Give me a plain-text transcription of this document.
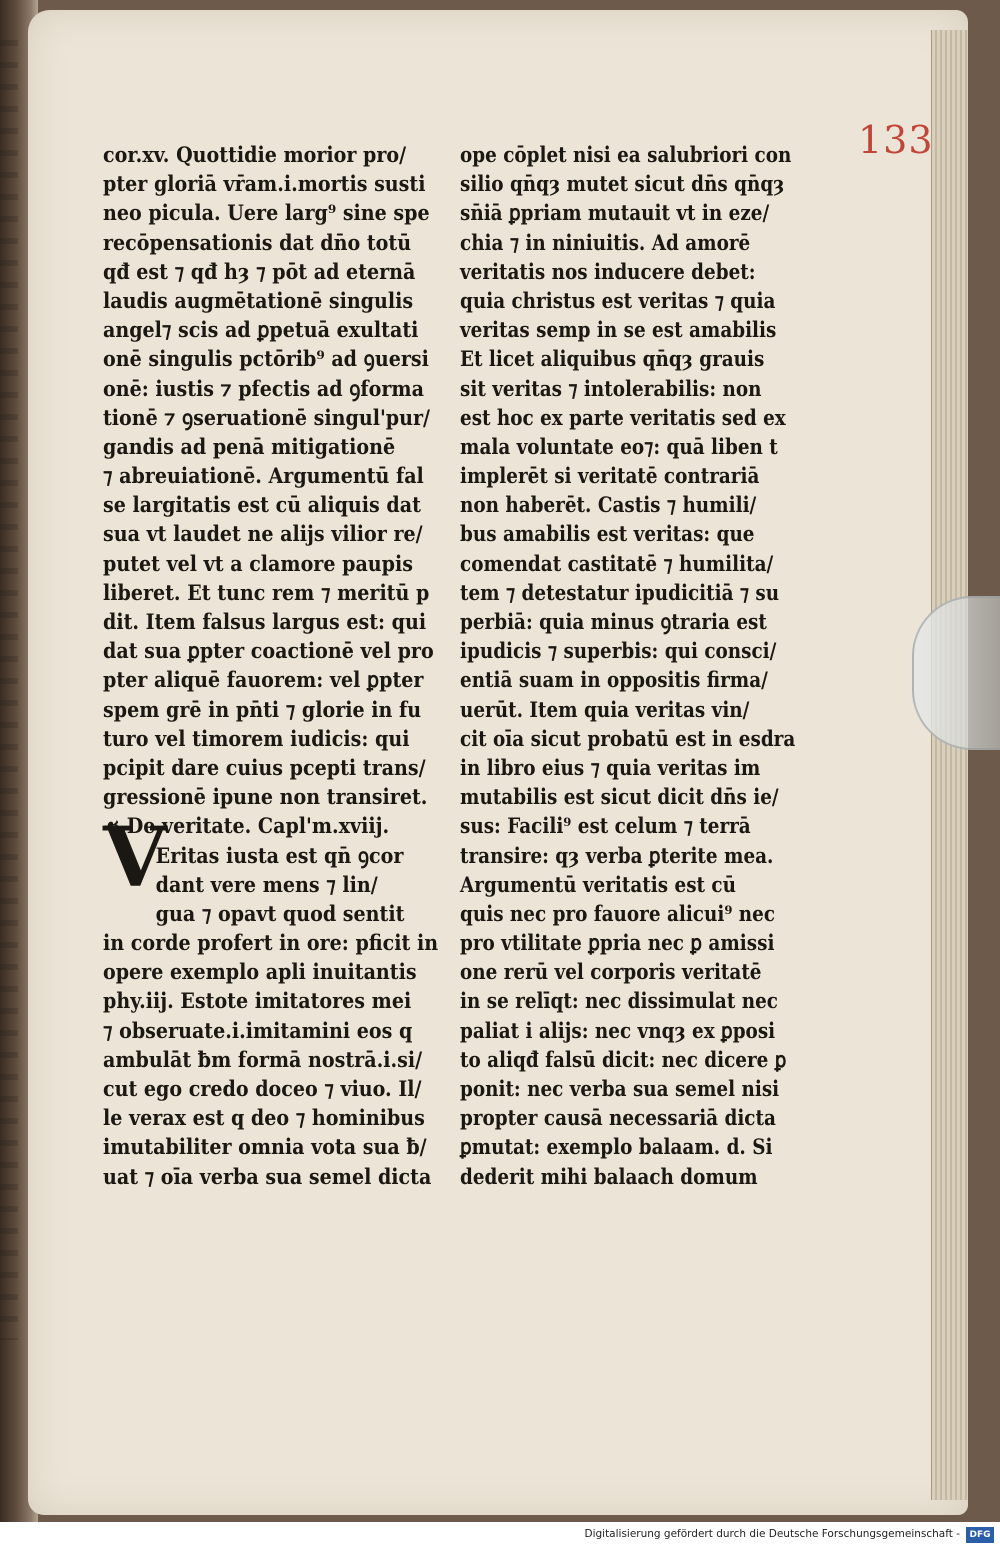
133
cor.xv. Quottidie morior pro/
pter gloriā vr̄am.i.mortis susti
neo picula. Uere larg⁹ sine spe
recōpensationis dat dn̄o totū
qđ est ⁊ qđ hȝ ⁊ pōt ad eternā
laudis augmētationē singulis
angel⁊ scis ad ꝑpetuā exultati
onē singulis pctōrib⁹ ad ꝯuersi
onē: iustis ⁊ pfectis ad ꝯforma
tionē ⁊ ꝯseruationē singul'pur/
gandis ad penā mitigationē
⁊ abreuiationē. Argumentū fal
se largitatis est cū aliquis dat
sua vt laudet ne alijs vilior re/
putet vel vt a clamore paupis
liberet. Et tunc rem ⁊ meritū p
dit. Item falsus largus est: qui
dat sua ꝑpter coactionē vel pro
pter aliquē fauorem: vel ꝑpter
spem grē in pn̄ti ⁊ glorie in fu
turo vel timorem iudicis: qui
pcipit dare cuius pcepti trans/
gressionē ipune non transiret.
☙ De veritate. Capl'm.xviij.
Eritas iusta est qn̄ ꝯcor
dant vere mens ⁊ lin/
gua ⁊ opavt quod sentit
in corde profert in ore: pficit in
opere exemplo apli inuitantis
phy.iij. Estote imitatores mei
⁊ obseruate.i.imitamini eos q
ambulāt ƀm formā nostrā.i.si/
cut ego credo doceo ⁊ viuo. Il/
le verax est q deo ⁊ hominibus
imutabiliter omnia vota sua ƀ/
uat ⁊ oīa verba sua semel dicta
V
ope cōplet nisi ea salubriori con
silio qn̄qȝ mutet sicut dn̄s qn̄qȝ
sn̄iā ꝑpriam mutauit vt in eze/
chia ⁊ in niniuitis. Ad amorē
veritatis nos inducere debet:
quia christus est veritas ⁊ quia
veritas semp in se est amabilis
Et licet aliquibus qn̄qȝ grauis
sit veritas ⁊ intolerabilis: non
est hoc ex parte veritatis sed ex
mala voluntate eo⁊: quā liben t
implerēt si veritatē contrariā
non haberēt. Castis ⁊ humili/
bus amabilis est veritas: que
comendat castitatē ⁊ humilita/
tem ⁊ detestatur ipudicitiā ⁊ su
perbiā: quia minus ꝯtraria est
ipudicis ⁊ superbis: qui consci/
entiā suam in oppositis firma/
uerūt. Item quia veritas vin/
cit oīa sicut probatū est in esdra
in libro eius ⁊ quia veritas im
mutabilis est sicut dicit dn̄s ie/
sus: Facili⁹ est celum ⁊ terrā
transire: qȝ verba ꝑterite mea.
Argumentū veritatis est cū
quis nec pro fauore alicui⁹ nec
pro vtilitate ꝑpria nec ꝑ amissi
one rerū vel corporis veritatē
in se relīqt: nec dissimulat nec
paliat i alijs: nec vnqȝ ex ꝑposi
to aliqđ falsū dicit: nec dicere ꝑ
ponit: nec verba sua semel nisi
propter causā necessariā dicta
ꝑmutat: exemplo balaam. d. Si
dederit mihi balaach domum
Digitalisierung gefördert durch die Deutsche Forschungsgemeinschaft -	DFG
